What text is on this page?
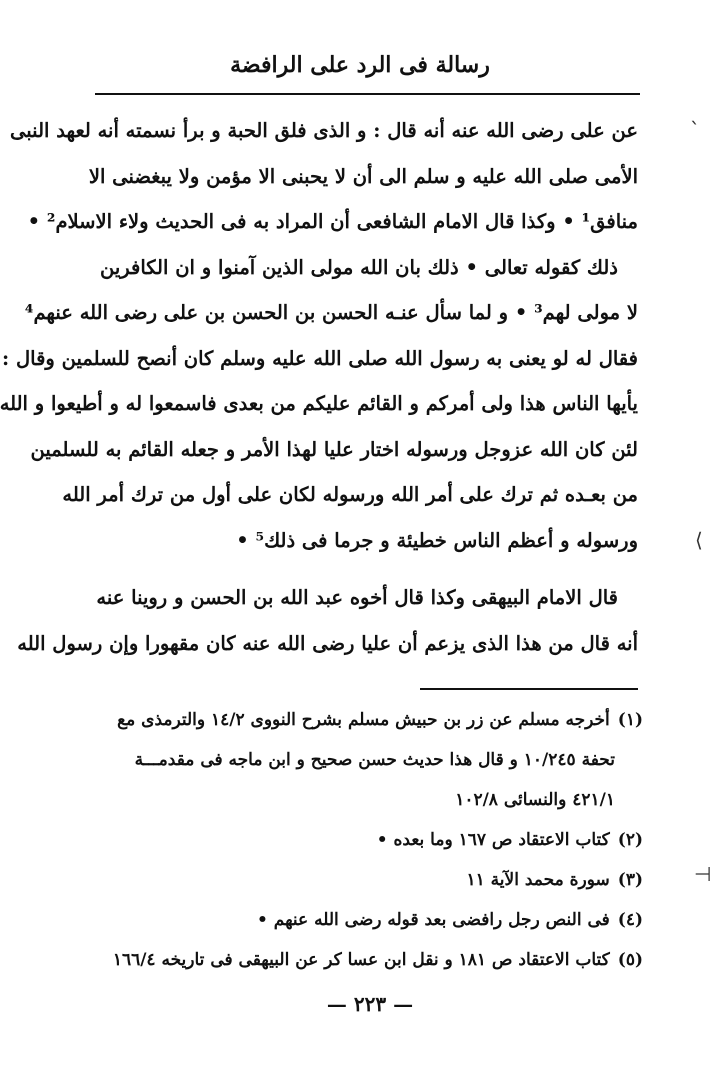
رسالة فى الرد على الرافضة
عن على رضى الله عنه أنه قال : و الذى فلق الحبة و برأ نسمته أنه لعهد النبى
الأمى صلى الله عليه و سلم الى أن لا يحبنى الا مؤمن ولا يبغضنى الا
منافق¹ • وكذا قال الامام الشافعى أن المراد به فى الحديث ولاء الاسلام² •
ذلك كقوله تعالى • ذلك بان الله مولى الذين آمنوا و ان الكافرين
لا مولى لهم³ • و لما سأل عنـه الحسن بن الحسن بن على رضى الله عنهم⁴
فقال له لو يعنى به رسول الله صلى الله عليه وسلم كان أنصح للسلمين وقال :
يأيها الناس هذا ولى أمركم و القائم عليكم من بعدى فاسمعوا له و أطيعوا و الله
لئن كان الله عزوجل ورسوله اختار عليا لهذا الأمر و جعله القائم به للسلمين
من بعـده ثم ترك على أمر الله ورسوله لكان على أول من ترك أمر الله
ورسوله و أعظم الناس خطيئة و جرما فى ذلك⁵ •
قال الامام البيهقى وكذا قال أخوه عبد الله بن الحسن و روينا عنه
أنه قال من هذا الذى يزعم أن عليا رضى الله عنه كان مقهورا وإن رسول الله
(١)أخرجه مسلم عن زر بن حبيش مسلم بشرح النووى ١٤/٢ والترمذى مع
تحفة ١٠/٢٤٥ و قال هذا حديث حسن صحيح و ابن ماجه فى مقدمـــة
٤٢١/١ والنسائى ١٠٢/٨
(٢)كتاب الاعتقاد ص ١٦٧ وما بعده •
(٣)سورة محمد الآية ١١
(٤)فى النص رجل رافضى بعد قوله رضى الله عنهم •
(٥)كتاب الاعتقاد ص ١٨١ و نقل ابن عسا كر عن البيهقى فى تاريخه ١٦٦/٤
— ٢٢٣ —
ˋ
⟩
⊢
